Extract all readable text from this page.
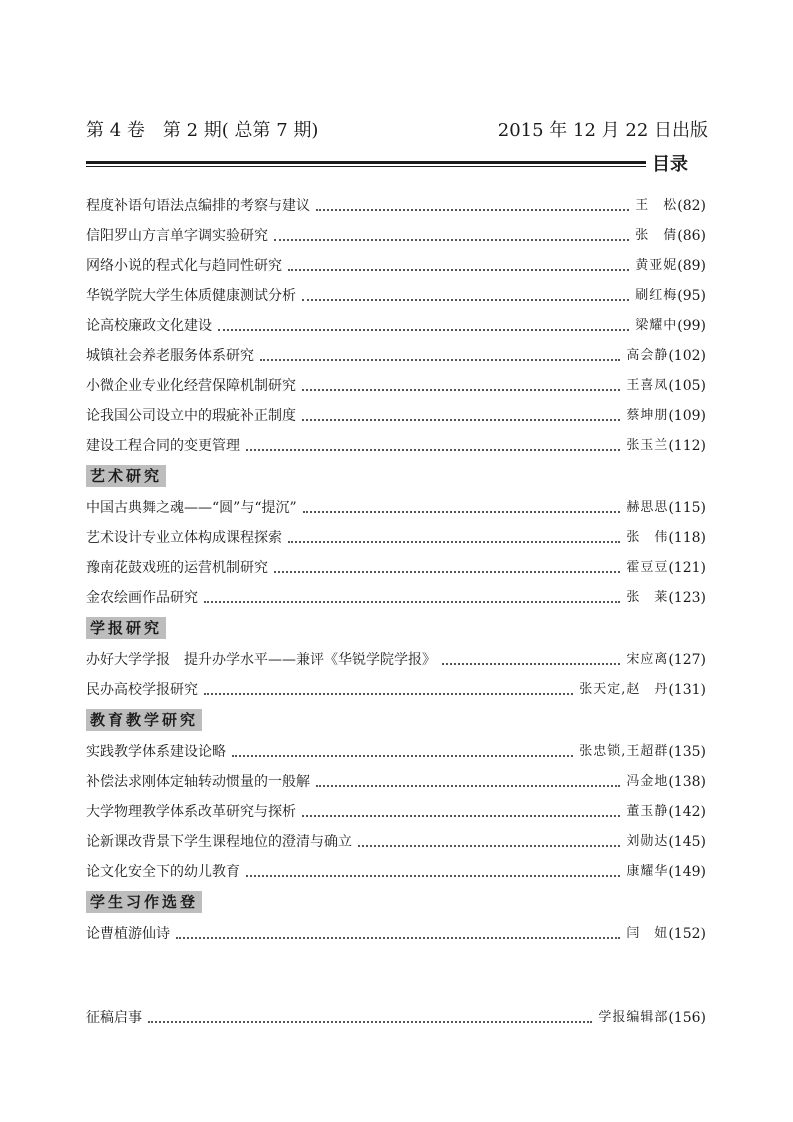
第 4 卷　第 2 期( 总第 7 期)	2015 年 12 月 22 日出版
目录
程度补语句语法点编排的考察与建议	王　松 (82)
信阳罗山方言单字调实验研究	张　倩 (86)
网络小说的程式化与趋同性研究	黄亚妮 (89)
华锐学院大学生体质健康测试分析	刷红梅 (95)
论高校廉政文化建设	梁耀中 (99)
城镇社会养老服务体系研究	高会静 (102)
小微企业专业化经营保障机制研究	王喜凤 (105)
论我国公司设立中的瑕疵补正制度	蔡坤朋 (109)
建设工程合同的变更管理	张玉兰 (112)
艺术研究
中国古典舞之魂——“圆”与“提沉”	赫思思 (115)
艺术设计专业立体构成课程探索	张　伟 (118)
豫南花鼓戏班的运营机制研究	霍豆豆 (121)
金农绘画作品研究	张　莱 (123)
学报研究
办好大学学报　提升办学水平——兼评《华锐学院学报》	宋应离 (127)
民办高校学报研究	张天定,赵　丹 (131)
教育教学研究
实践教学体系建设论略	张忠锁,王超群 (135)
补偿法求刚体定轴转动惯量的一般解	冯金地 (138)
大学物理教学体系改革研究与探析	董玉静 (142)
论新课改背景下学生课程地位的澄清与确立	刘勋达 (145)
论文化安全下的幼儿教育	康耀华 (149)
学生习作选登
论曹植游仙诗	闫　妞 (152)
征稿启事	学报编辑部 (156)
